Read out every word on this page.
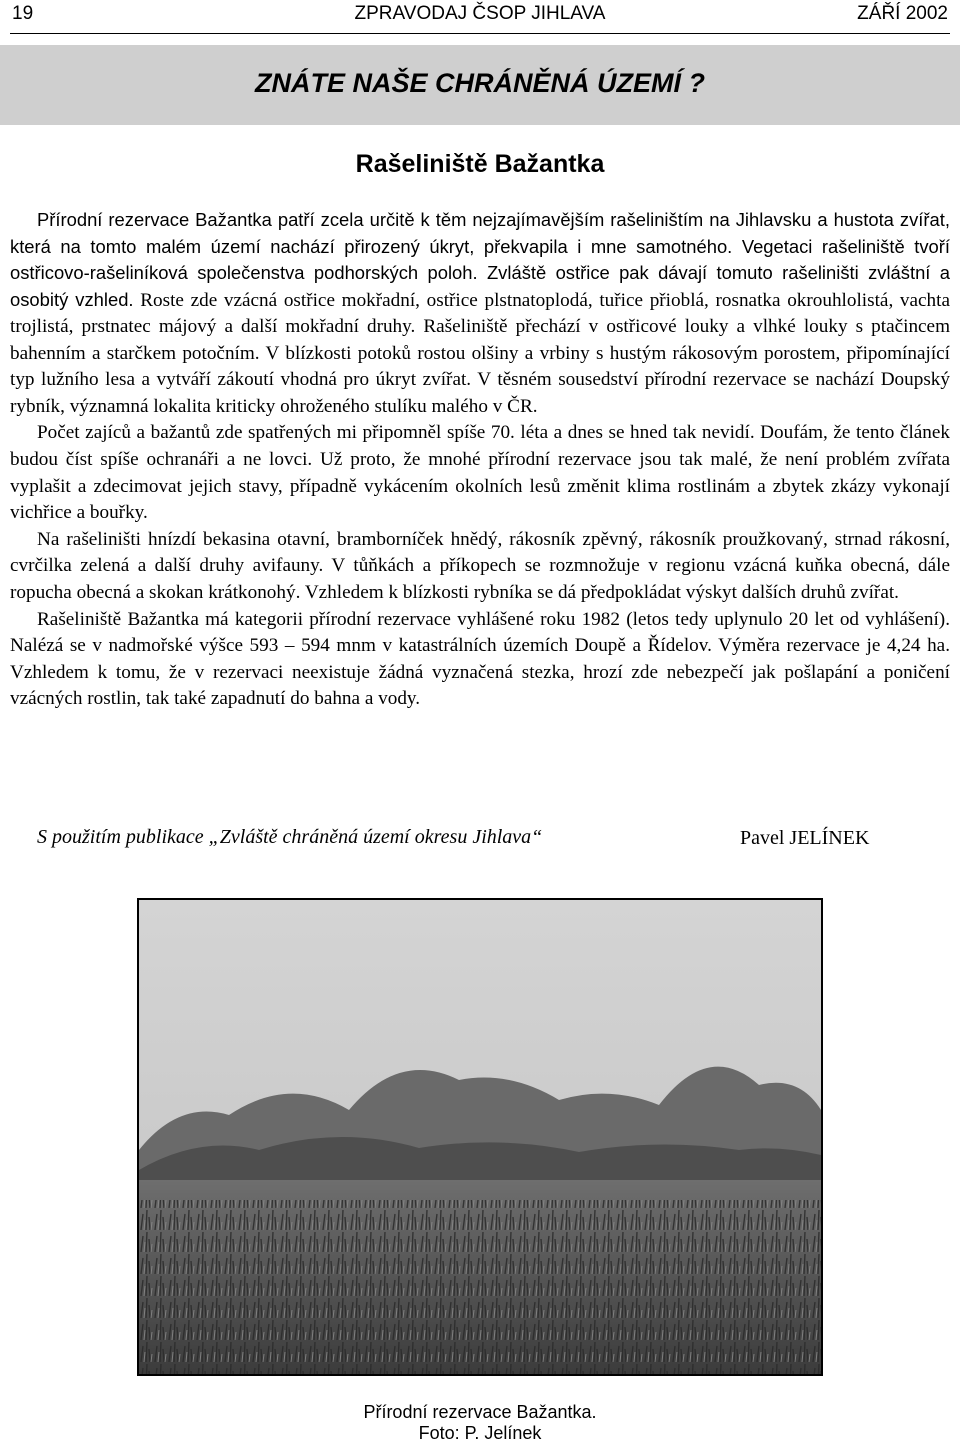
19	ZPRAVODAJ ČSOP JIHLAVA	ZÁŘÍ 2002
ZNÁTE NAŠE CHRÁNĚNÁ ÚZEMÍ ?
Rašeliniště Bažantka

Přírodní rezervace Bažantka patří zcela určitě k těm nejzajímavějším rašeliništím na Jihlavsku a hustota zvířat, která na tomto malém území nachází přirozený úkryt, překvapila i mne samotného. Vegetaci rašeliniště tvoří ostřicovo-rašeliníková společenstva podhorských poloh. Zvláště ostřice pak dávají tomuto rašeliništi zvláštní a osobitý vzhled. Roste zde vzácná ostřice mokřadní, ostřice plstnatoplodá, tuřice přioblá, rosnatka okrouhlolistá, vachta trojlistá, prstnatec májový a další mokřadní druhy. Rašeliniště přechází v ostřicové louky a vlhké louky s ptačincem bahenním a starčkem potočním. V blízkosti potoků rostou olšiny a vrbiny s hustým rákosovým porostem, připomínající typ lužního lesa a vytváří zákoutí vhodná pro úkryt zvířat. V těsném sousedství přírodní rezervace se nachází Doupský rybník, významná lokalita kriticky ohroženého stulíku malého v ČR.

Počet zajíců a bažantů zde spatřených mi připomněl spíše 70. léta a dnes se hned tak nevidí. Doufám, že tento článek budou číst spíše ochranáři a ne lovci. Už proto, že mnohé přírodní rezervace jsou tak malé, že není problém zvířata vyplašit a zdecimovat jejich stavy, případně vykácením okolních lesů změnit klima rostlinám a zbytek zkázy vykonají vichřice a bouřky.

Na rašeliništi hnízdí bekasina otavní, bramborníček hnědý, rákosník zpěvný, rákosník proužkovaný, strnad rákosní, cvrčilka zelená a další druhy avifauny. V tůňkách a příkopech se rozmnožuje v regionu vzácná kuňka obecná, dále ropucha obecná a skokan krátkonohý. Vzhledem k blízkosti rybníka se dá předpokládat výskyt dalších druhů zvířat.

Rašeliniště Bažantka má kategorii přírodní rezervace vyhlášené roku 1982 (letos tedy uplynulo 20 let od vyhlášení). Nalézá se v nadmořské výšce 593 – 594 mnm v katastrálních územích Doupě a Řídelov. Výměra rezervace je 4,24 ha. Vzhledem k tomu, že v rezervaci neexistuje žádná vyznačená stezka, hrozí zde nebezpečí jak pošlapání a poničení vzácných rostlin, tak také zapadnutí do bahna a vody.

S použitím publikace „Zvláště chráněná území okresu Jihlava“	Pavel JELÍNEK
Přírodní rezervace Bažantka.
Foto: P. Jelínek
